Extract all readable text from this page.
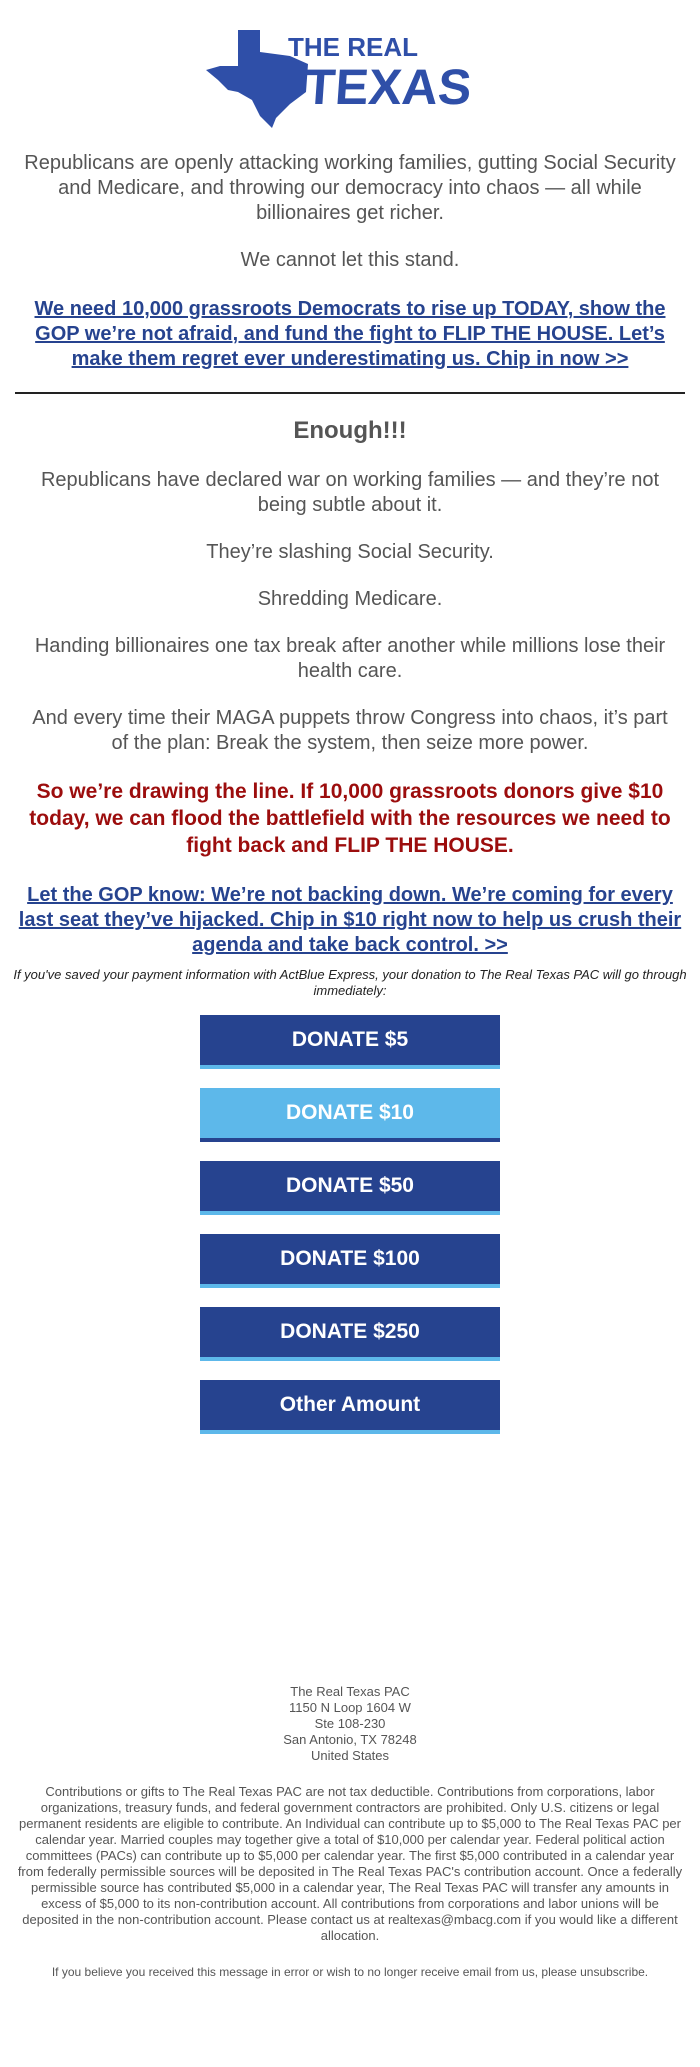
THE REAL
TEXAS

Republicans are openly attacking working families, gutting Social Security and Medicare, and throwing our democracy into chaos — all while billionaires get richer.

We cannot let this stand.

We need 10,000 grassroots Democrats to rise up TODAY, show the GOP we’re not afraid, and fund the fight to FLIP THE HOUSE. Let’s make them regret ever underestimating us. Chip in now >>
Enough!!!

Republicans have declared war on working families — and they’re not being subtle about it.

They’re slashing Social Security.

Shredding Medicare.

Handing billionaires one tax break after another while millions lose their health care.

And every time their MAGA puppets throw Congress into chaos, it’s part of the plan: Break the system, then seize more power.

So we’re drawing the line. If 10,000 grassroots donors give $10 today, we can flood the battlefield with the resources we need to fight back and FLIP THE HOUSE.

Let the GOP know: We’re not backing down. We’re coming for every last seat they’ve hijacked. Chip in $10 right now to help us crush their agenda and take back control. >>

If you've saved your payment information with ActBlue Express, your donation to The Real Texas PAC will go through immediately:

DONATE $5
DONATE $10
DONATE $50
DONATE $100
DONATE $250
Other Amount
The Real Texas PAC
1150 N Loop 1604 W
Ste 108-230
San Antonio, TX 78248
United States

Contributions or gifts to The Real Texas PAC are not tax deductible. Contributions from corporations, labor organizations, treasury funds, and federal government contractors are prohibited. Only U.S. citizens or legal permanent residents are eligible to contribute. An Individual can contribute up to $5,000 to The Real Texas PAC per calendar year. Married couples may together give a total of $10,000 per calendar year. Federal political action committees (PACs) can contribute up to $5,000 per calendar year. The first $5,000 contributed in a calendar year from federally permissible sources will be deposited in The Real Texas PAC's contribution account. Once a federally permissible source has contributed $5,000 in a calendar year, The Real Texas PAC will transfer any amounts in excess of $5,000 to its non-contribution account. All contributions from corporations and labor unions will be deposited in the non-contribution account. Please contact us at realtexas@mbacg.com if you would like a different allocation.

If you believe you received this message in error or wish to no longer receive email from us, please unsubscribe.
